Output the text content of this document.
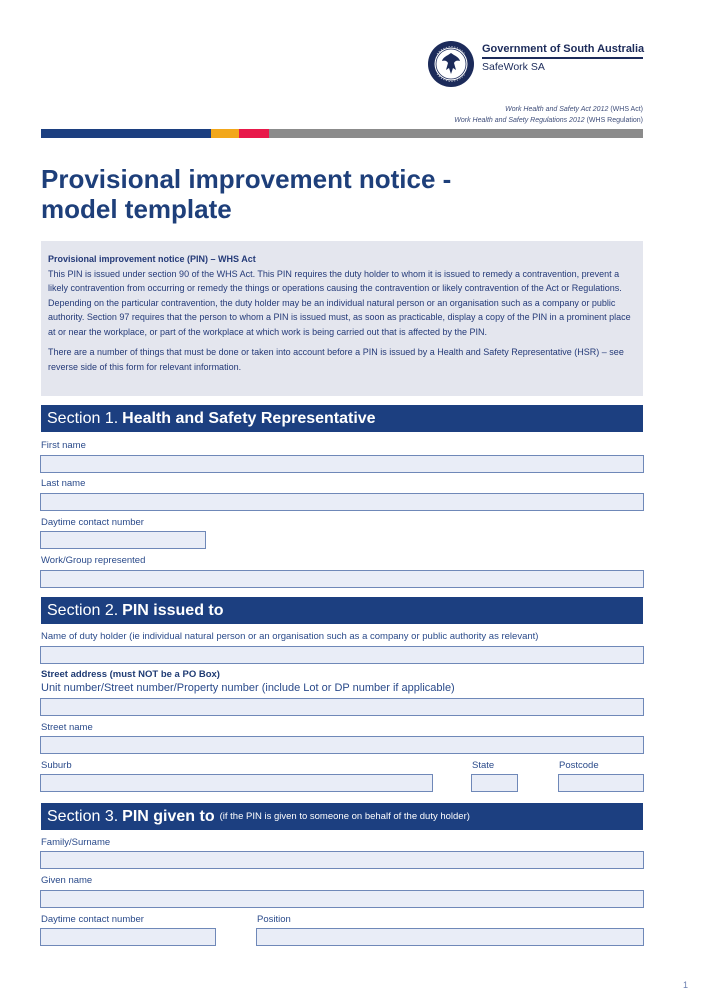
Government of South Australia
SafeWork SA
Work Health and Safety Act 2012 (WHS Act)
Work Health and Safety Regulations 2012 (WHS Regulation)
Provisional improvement notice -
model template

Provisional improvement notice (PIN) – WHS Act
This PIN is issued under section 90 of the WHS Act. This PIN requires the duty holder to whom it is issued to remedy a contravention, prevent a likely contravention from occurring or remedy the things or operations causing the contravention or likely contravention of the Act or Regulations. Depending on the particular contravention, the duty holder may be an individual natural person or an organisation such as a company or public authority. Section 97 requires that the person to whom a PIN is issued must, as soon as practicable, display a copy of the PIN in a prominent place at or near the workplace, or part of the workplace at which work is being carried out that is affected by the PIN.

There are a number of things that must be done or taken into account before a PIN is issued by a Health and Safety Representative (HSR) – see reverse side of this form for relevant information.

Section 1. Health and Safety Representative
First name
Last name
Daytime contact number
Work/Group represented
Section 2. PIN issued to
Name of duty holder (ie individual natural person or an organisation such as a company or public authority as relevant)
Street address (must NOT be a PO Box)
Unit number/Street number/Property number (include Lot or DP number if applicable)
Street name
Suburb	State	Postcode
Section 3. PIN given to (if the PIN is given to someone on behalf of the duty holder)
Family/Surname
Given name
Daytime contact number	Position
1
